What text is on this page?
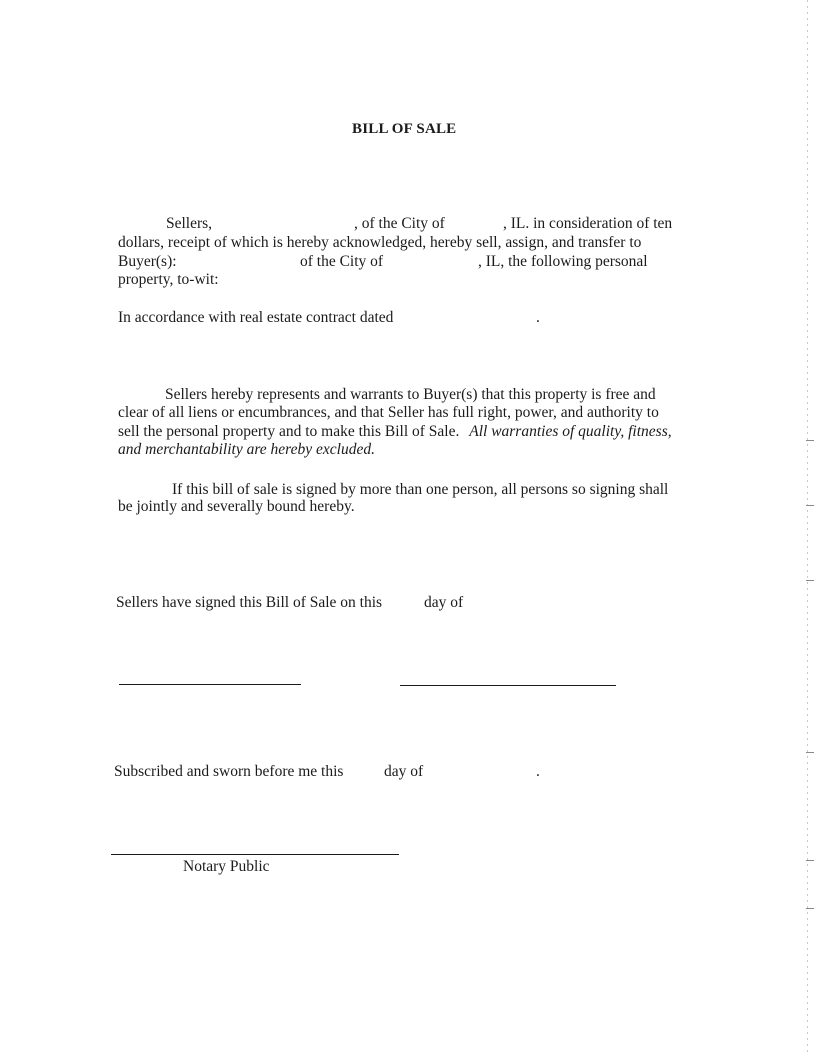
BILL OF SALE
Sellers,	, of the City of	, IL. in consideration of ten
dollars, receipt of which is hereby acknowledged, hereby sell, assign, and transfer to
Buyer(s):	of the City of	, IL, the following personal
property, to-wit:
In accordance with real estate contract dated	.
Sellers hereby represents and warrants to Buyer(s) that this property is free and
clear of all liens or encumbrances, and that Seller has full right, power, and authority to
sell the personal property and to make this Bill of Sale. All warranties of quality, fitness,
and merchantability are hereby excluded.
If this bill of sale is signed by more than one person, all persons so signing shall
be jointly and severally bound hereby.
Sellers have signed this Bill of Sale on this	day of
Subscribed and sworn before me this	day of	.
Notary Public
